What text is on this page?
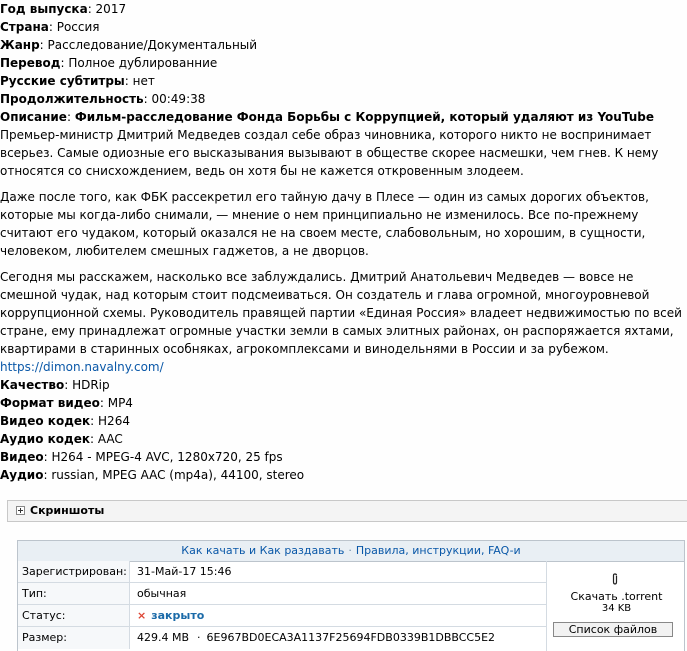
Год выпуска: 2017
Страна: Россия
Жанр: Расследование/Документальный
Перевод: Полное дублированние
Русские субтитры: нет
Продолжительность: 00:49:38
Описание: Фильм-расследование Фонда Борьбы с Коррупцией, который удаляют из YouTube
Премьер-министр Дмитрий Медведев создал себе образ чиновника, которого никто не воспринимает всерьез. Самые одиозные его высказывания вызывают в обществе скорее насмешки, чем гнев. К нему относятся со снисхождением, ведь он хотя бы не кажется откровенным злодеем.
Даже после того, как ФБК рассекретил его тайную дачу в Плесе — один из самых дорогих объектов, которые мы когда-либо снимали, — мнение о нем принципиально не изменилось. Все по-прежнему считают его чудаком, который оказался не на своем месте, слабовольным, но хорошим, в сущности, человеком, любителем смешных гаджетов, а не дворцов.
Сегодня мы расскажем, насколько все заблуждались. Дмитрий Анатольевич Медведев — вовсе не смешной чудак, над которым стоит подсмеиваться. Он создатель и глава огромной, многоуровневой коррупционной схемы. Руководитель правящей партии «Единая Россия» владеет недвижимостью по всей стране, ему принадлежат огромные участки земли в самых элитных районах, он распоряжается яхтами, квартирами в старинных особняках, агрокомплексами и винодельнями в России и за рубежом.
https://dimon.navalny.com/
Качество: HDRip
Формат видео: MP4
Видео кодек: H264
Аудио кодек: AAC
Видео: H264 - MPEG-4 AVC, 1280x720, 25 fps
Аудио: russian, MPEG AAC (mp4a), 44100, stereo
Скриншоты
Как качать и Как раздавать · Правила, инструкции, FAQ-и
Зарегистрирован: 31-Май-17 15:46
Тип:	обычная
Статус:	× закрыто
Размер:	429.4 MB · 6E967BD0ECA3A1137F25694FDB0339B1DBBCC5E2
Скачать .torrent
34 KB
Список файлов
